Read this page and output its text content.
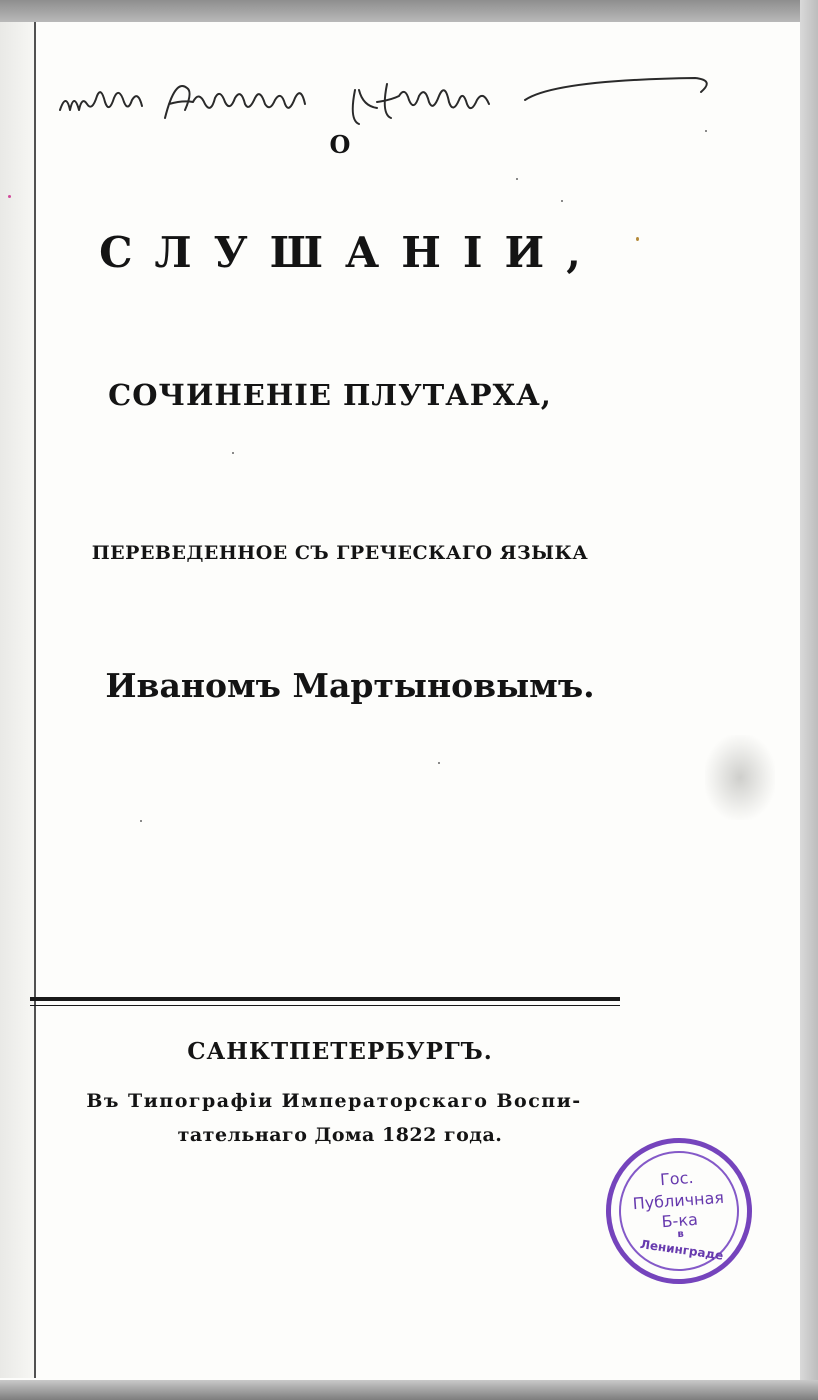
О
СЛУШАНІИ,
СОЧИНЕНІЕ ПЛУТАРХА,
ПЕРЕВЕДЕННОЕ СЪ ГРЕЧЕСКАГО ЯЗЫКА
Иваномъ Мартыновымъ.
САНКТПЕТЕРБУРГЪ.
Въ Типографіи Императорскаго Воспи-
тательнаго Дома 1822 года.
Гос.
Публичная
Б-ка
в
Ленинграде
